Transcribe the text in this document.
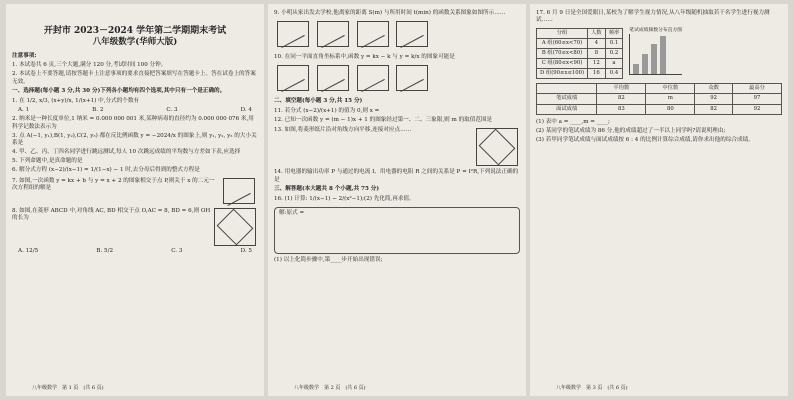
开封市 2023－2024 学年第二学期期末考试
八年级数学(华师大版)
注意事项:
1. 本试卷共 6 页,三个大题,满分 120 分,考试时间 100 分钟。
2. 本试卷上不要答题,请按答题卡上注意事项的要求直接把答案填写在答题卡上。答在试卷上的答案无效。
一、选择题(每小题 3 分,共 30 分)下列各小题均有四个选项,其中只有一个是正确的。
1. 在 1/2, x/3, (x+y)/x, 1/(x+1) 中,分式的个数有
A. 1	B. 2	C. 3	D. 4
2. 纳米是一种长度单位,1 纳米 = 0.000 000 001 米,某种病毒的直径约为 0.000 000 076 米,用科学记数法表示为
3. 点 A(−1, y₁),B(1, y₂),C(2, y₃) 都在反比例函数 y = −2024/x 的图象上,则 y₁, y₂, y₃ 的大小关系是
4. 甲、乙、丙、丁四名同学进行跳远测试,每人 10 次跳远成绩的平均数与方差如下表,应选择
5. 下列命题中,是真命题的是
6. 解分式方程 (x−2)/(x−1) = 1/(1−x) − 1 时,去分母后得到的整式方程是
7. 如图,一次函数 y = kx + b 与 y = x + 2 的图象相交于点 P,则关于 x 的二元一次方程组的解是
8. 如图,在菱形 ABCD 中,对角线 AC, BD 相交于点 O,AC = 8, BD = 6,则 OH 的长为
A. 12/5	B. 5/2	C. 3	D. 5
八年级数学　第 1 页　(共 6 页)
9. 小明从家出发去学校,他离家的距离 S(m) 与所用时间 t(min) 的函数关系图象如图所示……

10. 在同一平面直角坐标系中,函数 y = kx − k 与 y = k/x 的图象可能是

二、填空题(每小题 3 分,共 15 分)
11. 若分式 (x−2)/(x+1) 的值为 0,则 x =
12. 已知一次函数 y = (m − 1)x + 1 的图象经过第一、二、三象限,则 m 的取值范围是
13. 如图,将菱形纸片沿对角线方向平移,连接对应点……
14. 用电器的输出功率 P 与通过的电流 I、用电器的电阻 R 之间的关系是 P = I²R,下列说法正确的是
三、解答题(本大题共 8 个小题,共 75 分)
16. (1) 计算: 1/(x−1) − 2/(x²−1);(2) 先化简,再求值。
解:原式 =
(1) 以上化简步骤中,第____步开始出现错误;
八年级数学　第 2 页　(共 6 页)
17. 6 月 9 日是全国爱眼日,某校为了解学生视力情况,从八年级随机抽取若干名学生进行视力测试……
分组	人数	频率
A 组(60≤x<70)	4	0.1
B 组(70≤x<80)	8	0.2
C 组(80≤x<90)	12	a
D 组(90≤x≤100)	16	0.4
笔试成绩频数分布直方图
	平均数	中位数	众数	最高分
笔试成绩	82	m	92	97
面试成绩	83	80	82	92
(1) 表中 a = ____,m = ____;
(2) 某同学的笔试成绩为 86 分,他的成绩超过了一半以上同学吗?请说明理由;
(3) 若甲同学笔试成绩与面试成绩按 6 : 4 的比例计算综合成绩,请你求出他的综合成绩。
八年级数学　第 3 页　(共 6 页)
